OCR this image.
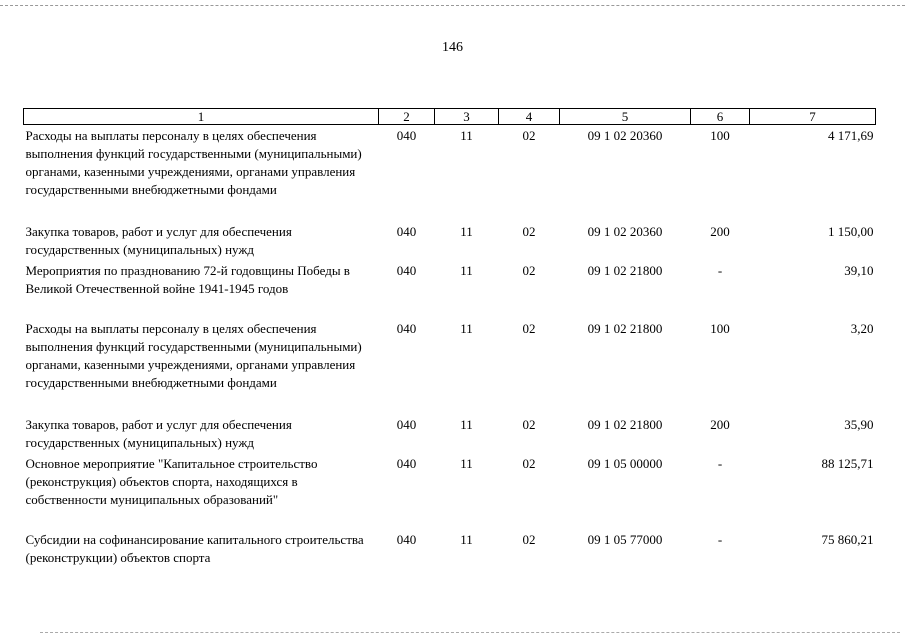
146
1	2	3	4	5	6	7
Расходы на выплаты персоналу в целях обеспечения выполнения функций государственными (муниципальными) органами, казенными учреждениями, органами управления государственными внебюджетными фондами	040	11	02	09 1 02 20360	100	4 171,69
Закупка товаров, работ и услуг для обеспечения государственных (муниципальных) нужд	040	11	02	09 1 02 20360	200	1 150,00
Мероприятия по празднованию 72-й годовщины Победы в Великой Отечественной войне 1941-1945 годов	040	11	02	09 1 02 21800	-	39,10
Расходы на выплаты персоналу в целях обеспечения выполнения функций государственными (муниципальными) органами, казенными учреждениями, органами управления государственными внебюджетными фондами	040	11	02	09 1 02 21800	100	3,20
Закупка товаров, работ и услуг для обеспечения государственных (муниципальных) нужд	040	11	02	09 1 02 21800	200	35,90
Основное мероприятие "Капитальное строительство (реконструкция) объектов спорта, находящихся в собственности муниципальных образований"	040	11	02	09 1 05 00000	-	88 125,71
Субсидии на софинансирование капитального строительства (реконструкции) объектов спорта	040	11	02	09 1 05 77000	-	75 860,21
